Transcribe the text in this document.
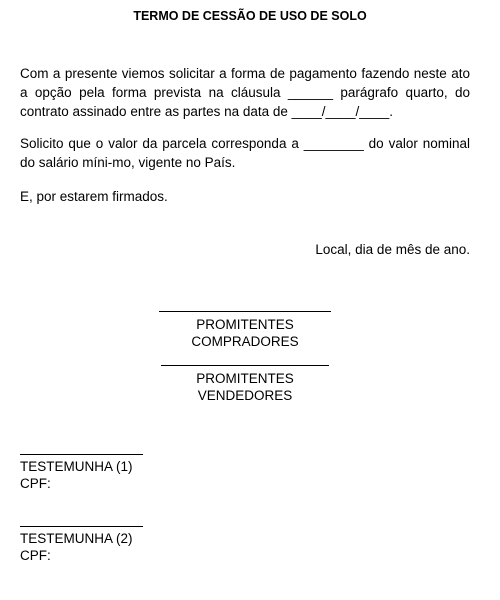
TERMO DE CESSÃO DE USO DE SOLO

Com a presente viemos solicitar a forma de pagamento fazendo neste ato a opção pela forma prevista na cláusula ______ parágrafo quarto, do contrato assinado entre as partes na data de ____/____/____.

Solicito que o valor da parcela corresponda a ________ do valor nominal do salário míni-mo, vigente no País.

E, por estarem firmados.

Local, dia de mês de ano.
PROMITENTES COMPRADORES
PROMITENTES VENDEDORES
TESTEMUNHA (1)
CPF:
TESTEMUNHA (2)
CPF:
